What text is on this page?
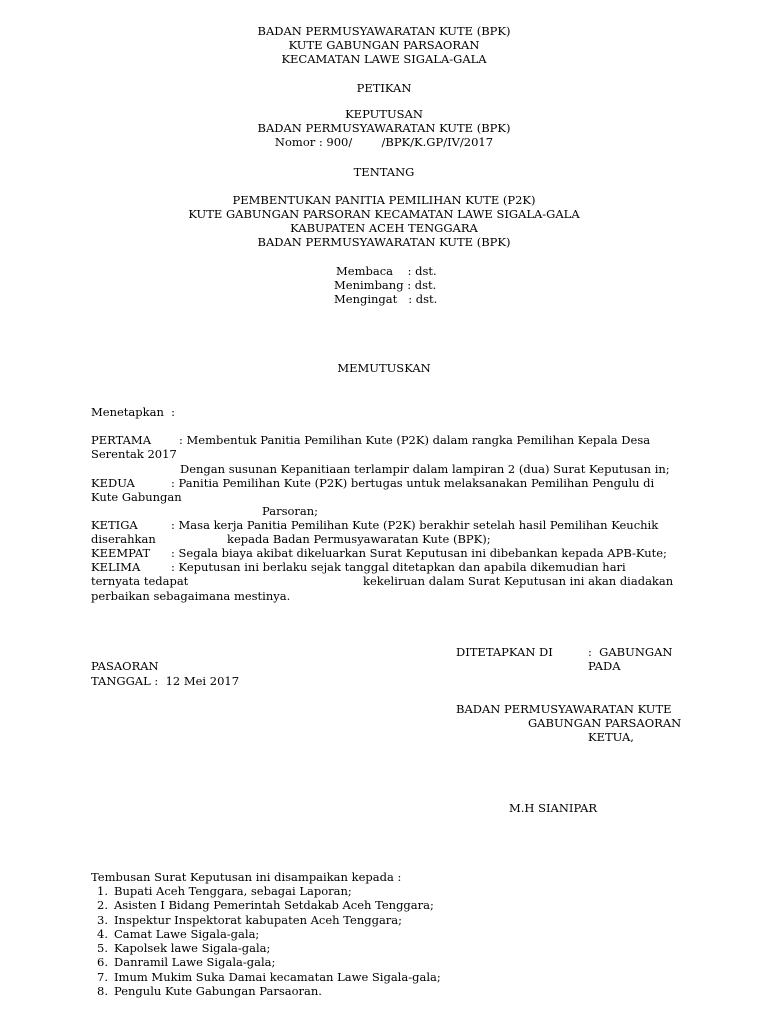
BADAN PERMUSYAWARATAN KUTE (BPK)
KUTE GABUNGAN PARSAORAN
KECAMATAN LAWE SIGALA-GALA
PETIKAN
KEPUTUSAN
BADAN PERMUSYAWARATAN KUTE (BPK)
Nomor : 900/        /BPK/K.GP/IV/2017
TENTANG
PEMBENTUKAN PANITIA PEMILIHAN KUTE (P2K)
KUTE GABUNGAN PARSORAN KECAMATAN LAWE SIGALA-GALA
KABUPATEN ACEH TENGGARA
BADAN PERMUSYAWARATAN KUTE (BPK)
Membaca    : dst.
Menimbang : dst.
Mengingat   : dst.
MEMUTUSKAN
Menetapkan  :
PERTAMA : Membentuk Panitia Pemilihan Kute (P2K) dalam rangka Pemilihan Kepala Desa
Serentak 2017
Dengan susunan Kepanitiaan terlampir dalam lampiran 2 (dua) Surat Keputusan in;
KEDUA	: Panitia Pemilihan Kute (P2K) bertugas untuk melaksanakan Pemilihan Pengulu di
Kute Gabungan
Parsoran;
KETIGA	: Masa kerja Panitia Pemilihan Kute (P2K) berakhir setelah hasil Pemilihan Keuchik
diserahkan	kepada Badan Permusyawaratan Kute (BPK);
KEEMPAT : Segala biaya akibat dikeluarkan Surat Keputusan ini dibebankan kepada APB-Kute;
KELIMA	: Keputusan ini berlaku sejak tanggal ditetapkan dan apabila dikemudian hari
ternyata tedapat	kekeliruan dalam Surat Keputusan ini akan diadakan
perbaikan sebagaimana mestinya.
DITETAPKAN DI	:  GABUNGAN
PADA
PASAORAN
TANGGAL :  12 Mei 2017
BADAN PERMUSYAWARATAN KUTE
GABUNGAN PARSAORAN
KETUA,
M.H SIANIPAR
Tembusan Surat Keputusan ini disampaikan kepada :
1. Bupati Aceh Tenggara, sebagai Laporan;
2. Asisten I Bidang Pemerintah Setdakab Aceh Tenggara;
3. Inspektur Inspektorat kabupaten Aceh Tenggara;
4. Camat Lawe Sigala-gala;
5. Kapolsek lawe Sigala-gala;
6. Danramil Lawe Sigala-gala;
7. Imum Mukim Suka Damai kecamatan Lawe Sigala-gala;
8. Pengulu Kute Gabungan Parsaoran.
